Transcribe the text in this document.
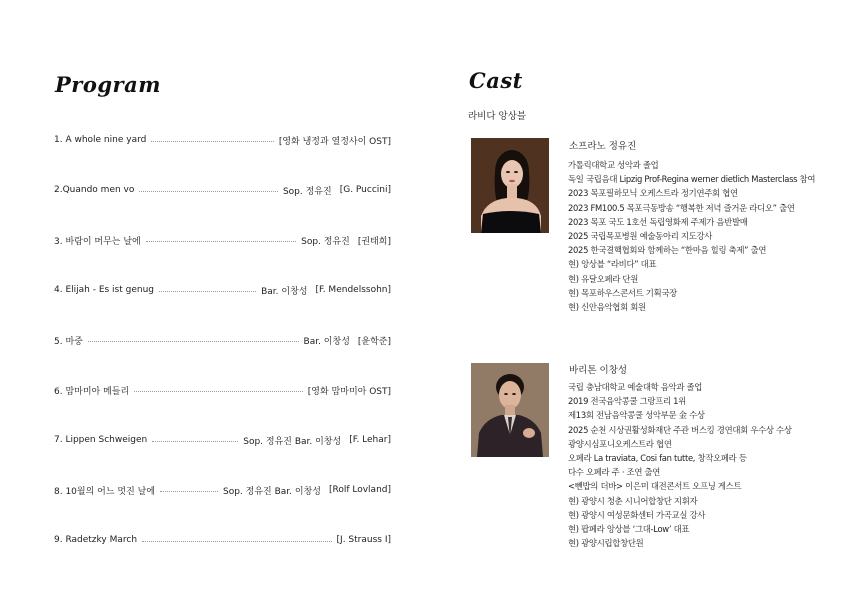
Program
1. A whole nine yard	[영화 냉정과 열정사이 OST]
2.Quando men vo	Sop. 정유진 [G. Puccini]
3. 바람이 머무는 날에	Sop. 정유진 [권태희]
4. Elijah - Es ist genug	Bar. 이창성 [F. Mendelssohn]
5. 마중	Bar. 이창성 [윤학준]
6. 맘마미아 메들리	[영화 맘마미아 OST]
7. Lippen Schweigen	Sop. 정유진 Bar. 이창성 [F. Lehar]
8. 10월의 어느 멋진 날에	Sop. 정유진 Bar. 이창성 [Rolf Lovland]
9. Radetzky March	[J. Strauss I]
Cast
라비다 앙상블
소프라노 정유진
가톨릭대학교 성악과 졸업
독일 국립음대 Lipzig Prof-Regina werner dietlich Masterclass 참여
2023 목포필하모닉 오케스트라 정기연주회 협연
2023 FM100.5 목포극동방송 “행복한 저녁 즐거운 라디오” 출연
2023 목포 국도 1호선 독립영화제 주제가 음반발매
2025 국립목포병원 예술동아리 지도강사
2025 한국결핵협회와 함께하는 “한마음 힐링 축제” 출연
현) 앙상블 “라비다” 대표
현) 유달오페라 단원
현) 목포하우스콘서트 기획국장
현) 신안음악협회 회원
바리톤 이창성
국립 충남대학교 예술대학 음악과 졸업
2019 전국음악콩쿨 그랑프리 1위
제13회 전남음악콩쿨 성악부문 金 수상
2025 순천 시상권활성화재단 주관 버스킹 경연대회 우수상 수상
광양시심포니오케스트라 협연
오페라 La traviata, Cosi fan tutte, 창작오페라 등
다수 오페라 주 · 조연 출연
<뺀밥의 더바> 이은미 대전콘서트 오프닝 게스트
현) 광양시 청춘 시니어합창단 지휘자
현) 광양시 여성문화센터 가곡교실 강사
현) 팝페라 앙상블 ‘그대-Low’ 대표
현) 광양시립합창단원
